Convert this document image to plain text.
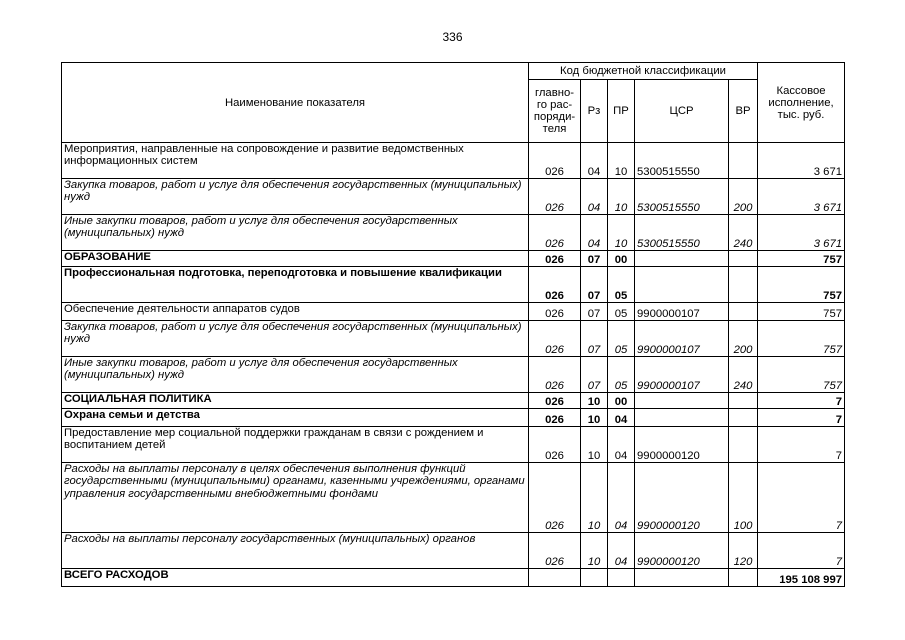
336
Наименование показателя	Код бюджетной классификации					Кассовое
исполнение,
тыс. руб.
	главно-
го рас-
поряди-
теля	Рз	ПР	ЦСР	ВР	
Мероприятия, направленные на сопровождение и развитие ведомственных информационных систем	026	04	10	5300515550		3 671
Закупка товаров, работ и услуг для обеспечения государственных (муниципальных) нужд	026	04	10	5300515550	200	3 671
Иные закупки товаров, работ и услуг для обеспечения государственных (муниципальных) нужд	026	04	10	5300515550	240	3 671
ОБРАЗОВАНИЕ	026	07	00			757
Профессиональная подготовка, переподготовка и повышение квалификации	026	07	05			757
Обеспечение деятельности аппаратов судов	026	07	05	9900000107		757
Закупка товаров, работ и услуг для обеспечения государственных (муниципальных) нужд	026	07	05	9900000107	200	757
Иные закупки товаров, работ и услуг для обеспечения государственных (муниципальных) нужд	026	07	05	9900000107	240	757
СОЦИАЛЬНАЯ ПОЛИТИКА	026	10	00			7
Охрана семьи и детства	026	10	04			7
Предоставление мер социальной поддержки гражданам в связи с рождением и воспитанием детей	026	10	04	9900000120		7
Расходы на выплаты персоналу в целях обеспечения выполнения функций государственными (муниципальными) органами, казенными учреждениями, органами управления государственными внебюджетными фондами	026	10	04	9900000120	100	7
Расходы на выплаты персоналу государственных (муниципальных) органов	026	10	04	9900000120	120	7
ВСЕГО РАСХОДОВ						195 108 997
